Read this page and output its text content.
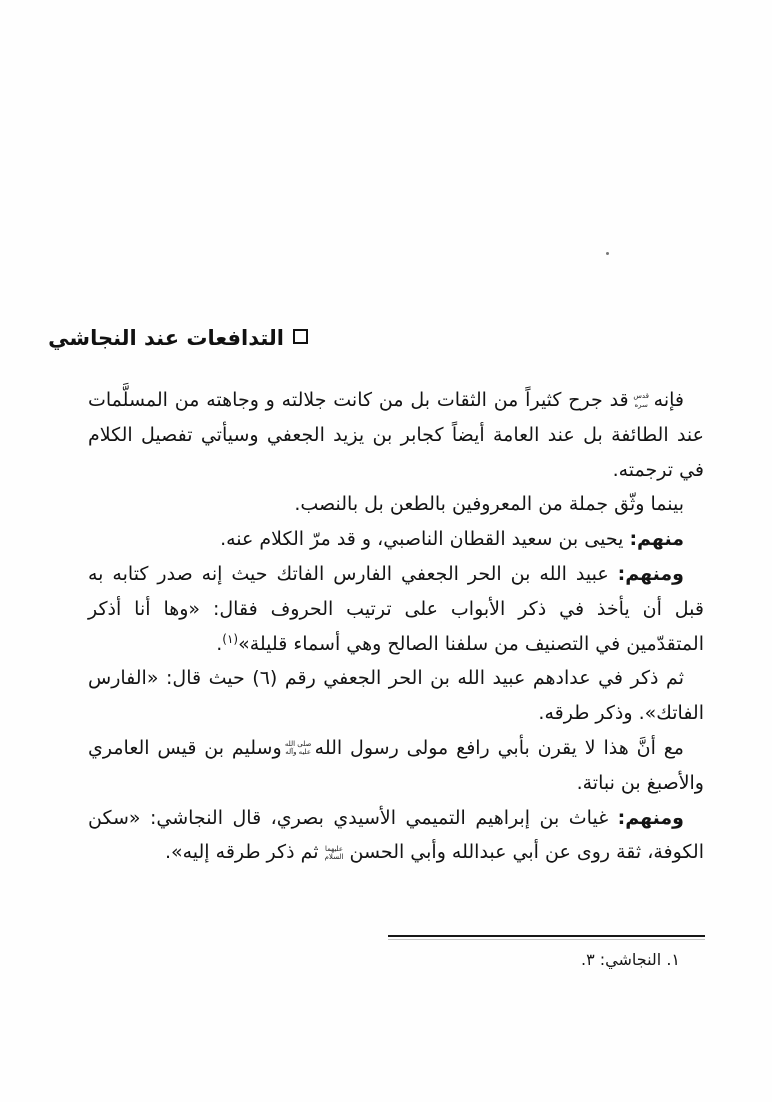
التدافعات عند النجاشي

فإنهقدس سرهقد جرح كثيراً من الثقات بل من كانت جلالته و وجاهته من المسلَّمات عند الطائفة بل عند العامة أيضاً كجابر بن يزيد الجعفي وسيأتي تفصيل الكلام في ترجمته.

بينما وثّق جملة من المعروفين بالطعن بل بالنصب.

منهم: يحيى بن سعيد القطان الناصبي، و قد مرّ الكلام عنه.

ومنهم: عبيد الله بن الحر الجعفي الفارس الفاتك حيث إنه صدر كتابه به قبل أن يأخذ في ذكر الأبواب على ترتيب الحروف فقال: «وها أنا أذكر المتقدّمين في التصنيف من سلفنا الصالح وهي أسماء قليلة»$^{(١)}$.

ثم ذكر في عدادهم عبيد الله بن الحر الجعفي رقم (٦) حيث قال: «الفارس الفاتك». وذكر طرقه.

مع أنَّ هذا لا يقرن بأبي رافع مولى رسول اللهصلى الله عليه وآلهوسليم بن قيس العامري والأصبغ بن نباتة.

ومنهم: غياث بن إبراهيم التميمي الأسيدي بصري، قال النجاشي: «سكن الكوفة، ثقة روى عن أبي عبدالله وأبي الحسنعليهما السلامثم ذكر طرقه إليه».

١. النجاشي: ٣.
